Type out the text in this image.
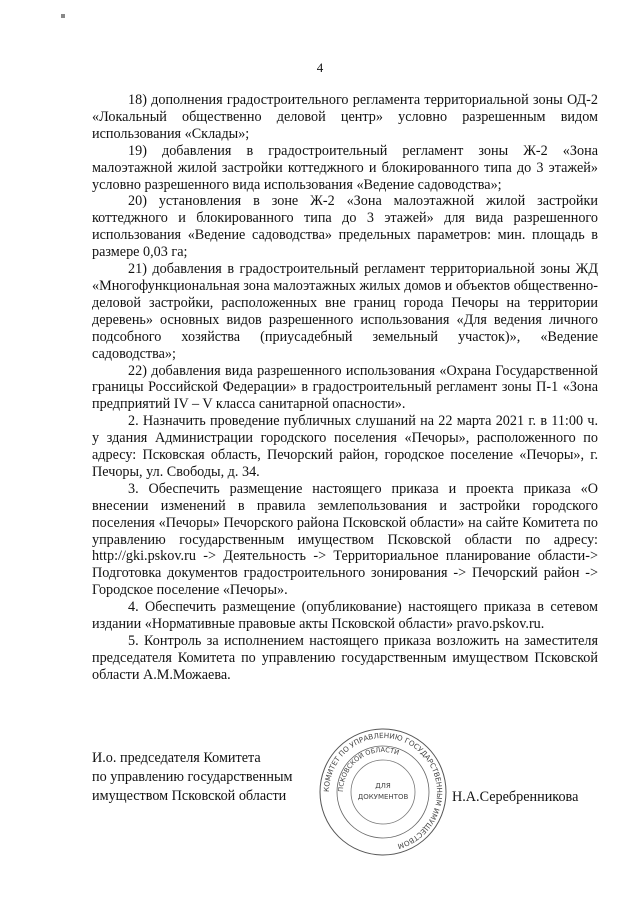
4

18) дополнения градостроительного регламента территориальной зоны ОД-2 «Локальный общественно деловой центр» условно разрешенным видом использования «Склады»;

19) добавления в градостроительный регламент зоны Ж-2 «Зона малоэтажной жилой застройки коттеджного и блокированного типа до 3 этажей» условно разрешенного вида использования «Ведение садоводства»;

20) установления в зоне Ж-2 «Зона малоэтажной жилой застройки коттеджного и блокированного типа до 3 этажей» для вида разрешенного использования «Ведение садоводства» предельных параметров: мин. площадь в размере 0,03 га;

21) добавления в градостроительный регламент территориальной зоны ЖД «Многофункциональная зона малоэтажных жилых домов и объектов общественно-деловой застройки, расположенных вне границ города Печоры на территории деревень» основных видов разрешенного использования «Для ведения личного подсобного хозяйства (приусадебный земельный участок)», «Ведение садоводства»;

22) добавления вида разрешенного использования «Охрана Государственной границы Российской Федерации» в градостроительный регламент зоны П-1 «Зона предприятий IV – V класса санитарной опасности».

2. Назначить проведение публичных слушаний на 22 марта 2021 г. в 11:00 ч. у здания Администрации городского поселения «Печоры», расположенного по адресу: Псковская область, Печорский район, городское поселение «Печоры», г. Печоры, ул. Свободы, д. 34.

3. Обеспечить размещение настоящего приказа и проекта приказа «О внесении изменений в правила землепользования и застройки городского поселения «Печоры» Печорского района Псковской области» на сайте Комитета по управлению государственным имуществом Псковской области по адресу: http://gki.pskov.ru -> Деятельность -> Территориальное планирование области-> Подготовка документов градостроительного зонирования -> Печорский район -> Городское поселение «Печоры».

4. Обеспечить размещение (опубликование) настоящего приказа в сетевом издании «Нормативные правовые акты Псковской области» pravo.pskov.ru.

5. Контроль за исполнением настоящего приказа возложить на заместителя председателя Комитета по управлению государственным имуществом Псковской области А.М.Можаева.

И.о. председателя Комитета
по управлению государственным
имуществом Псковской области	КОМИТЕТ ПО УПРАВЛЕНИЮ ГОСУДАРСТВЕННЫМ ИМУЩЕСТВОМ
ПСКОВСКОЙ ОБЛАСТИ
ДЛЯ
ДОКУМЕНТОВ	Н.А.Серебренникова
